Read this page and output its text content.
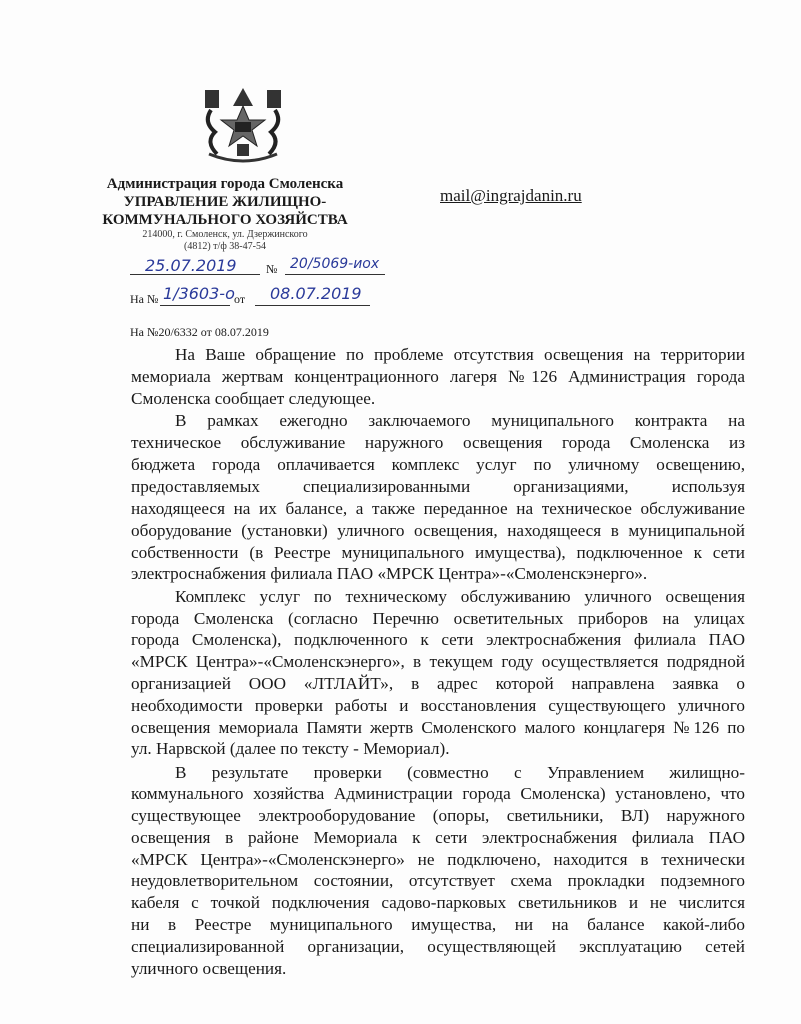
Администрация города Смоленска
УПРАВЛЕНИЕ ЖИЛИЩНО-
КОММУНАЛЬНОГО ХОЗЯЙСТВА
214000, г. Смоленск, ул. Дзержинского
(4812) т/ф 38-47-54
mail@ingrajdanin.ru
25.07.2019 № 20/5069-иох
На № 1/3603-о от 08.07.2019
На №20/6332 от 08.07.2019
На Ваше обращение по проблеме отсутствия освещения на территории
мемориала жертвам концентрационного лагеря №126 Администрация города
Смоленска сообщает следующее.
В рамках ежегодно заключаемого муниципального контракта на
техническое обслуживание наружного освещения города Смоленска из
бюджета города оплачивается комплекс услуг по уличному освещению,
предоставляемых специализированными организациями, используя
находящееся на их балансе, а также переданное на техническое обслуживание
оборудование (установки) уличного освещения, находящееся в муниципальной
собственности (в Реестре муниципального имущества), подключенное к сети
электроснабжения филиала ПАО «МРСК Центра»-«Смоленскэнерго».
Комплекс услуг по техническому обслуживанию уличного освещения
города Смоленска (согласно Перечню осветительных приборов на улицах
города Смоленска), подключенного к сети электроснабжения филиала ПАО
«МРСК Центра»-«Смоленскэнерго», в текущем году осуществляется подрядной
организацией ООО «ЛТЛАЙТ», в адрес которой направлена заявка о
необходимости проверки работы и восстановления существующего уличного
освещения мемориала Памяти жертв Смоленского малого концлагеря №126 по
ул. Нарвской (далее по тексту - Мемориал).
В результате проверки (совместно с Управлением жилищно-
коммунального хозяйства Администрации города Смоленска) установлено, что
существующее электрооборудование (опоры, светильники, ВЛ) наружного
освещения в районе Мемориала к сети электроснабжения филиала ПАО
«МРСК Центра»-«Смоленскэнерго» не подключено, находится в технически
неудовлетворительном состоянии, отсутствует схема прокладки подземного
кабеля с точкой подключения садово-парковых светильников и не числится
ни в Реестре муниципального имущества, ни на балансе какой-либо
специализированной организации, осуществляющей эксплуатацию сетей
уличного освещения.
